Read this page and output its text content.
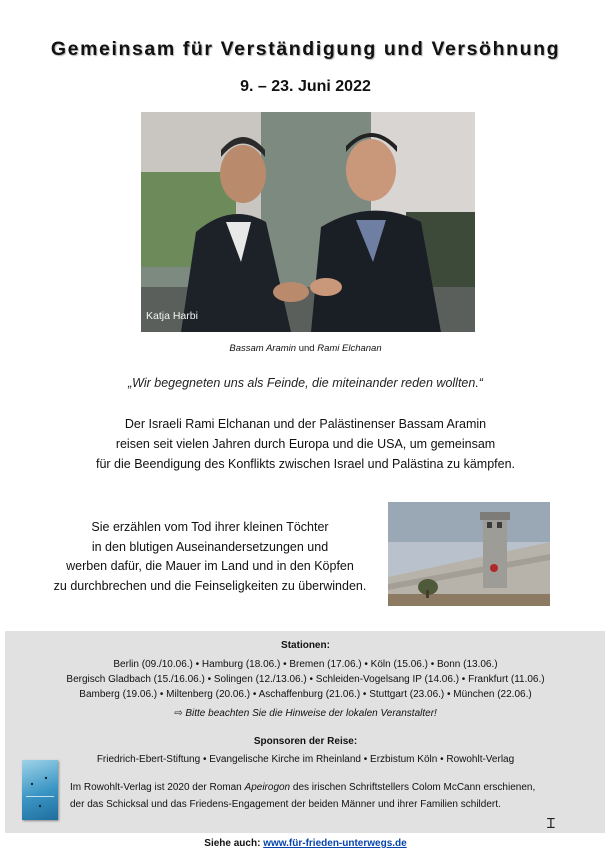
Gemeinsam für Verständigung und Versöhnung
9. – 23. Juni 2022
Katja Harbi
Bassam Aramin und Rami Elchanan
„Wir begegneten uns als Feinde, die miteinander reden wollten.“
Der Israeli Rami Elchanan und der Palästinenser Bassam Aramin
reisen seit vielen Jahren durch Europa und die USA, um gemeinsam
für die Beendigung des Konflikts zwischen Israel und Palästina zu kämpfen.
Sie erzählen vom Tod ihrer kleinen Töchter
in den blutigen Auseinandersetzungen und
werben dafür, die Mauer im Land und in den Köpfen
zu durchbrechen und die Feinseligkeiten zu überwinden.
Stationen:
Berlin (09./10.06.) • Hamburg (18.06.) • Bremen (17.06.) • Köln (15.06.) • Bonn (13.06.)
Bergisch Gladbach (15./16.06.) • Solingen (12./13.06.) • Schleiden-Vogelsang IP (14.06.) • Frankfurt (11.06.)
Bamberg (19.06.) • Miltenberg (20.06.) • Aschaffenburg (21.06.) • Stuttgart (23.06.) • München (22.06.)
⇨ Bitte beachten Sie die Hinweise der lokalen Veranstalter!
Sponsoren der Reise:
Friedrich-Ebert-Stiftung • Evangelische Kirche im Rheinland • Erzbistum Köln • Rowohlt-Verlag
Im Rowohlt-Verlag ist 2020 der Roman Apeirogon des irischen Schriftstellers Colom McCann erschienen,
der das Schicksal und das Friedens-Engagement der beiden Männer und ihrer Familien schildert.
Siehe auch: www.für-frieden-unterwegs.de
Ɪ
